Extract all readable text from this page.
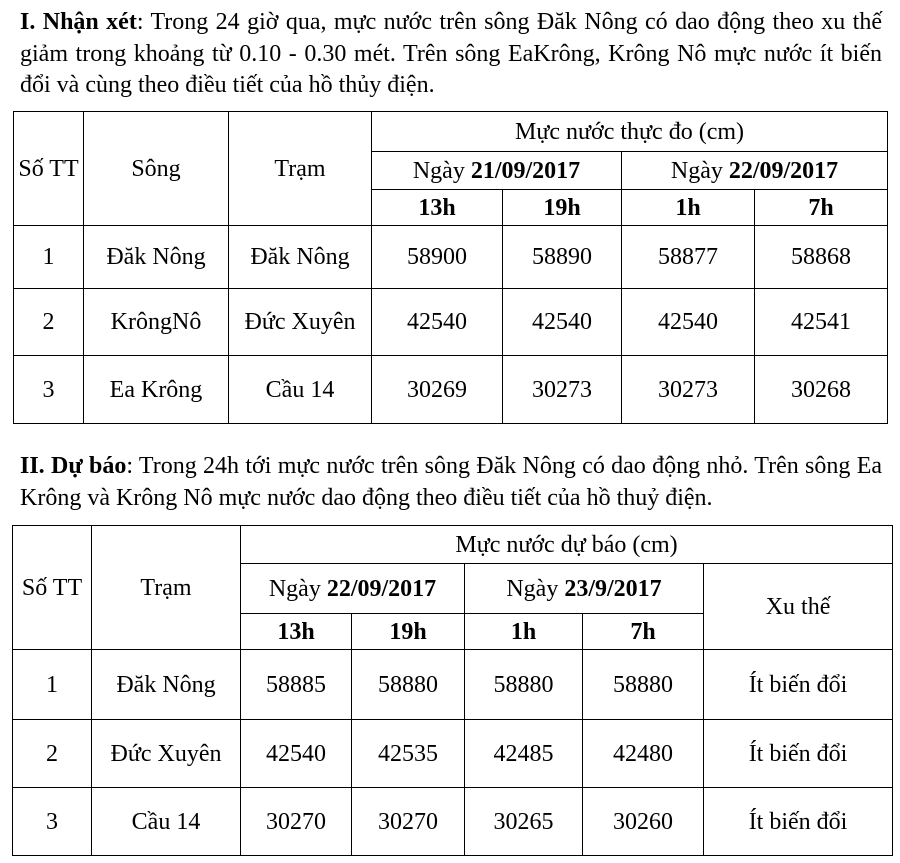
I. Nhận xét: Trong 24 giờ qua, mực nước trên sông Đăk Nông có dao động theo xu thế giảm trong khoảng từ 0.10 - 0.30 mét. Trên sông EaKrông, Krông Nô mực nước ít biến đổi và cùng theo điều tiết của hồ thủy điện.
Số TT	Sông	Trạm	Mực nước thực đo (cm)			
			Ngày 21/09/2017		Ngày 22/09/2017	
			13h	19h	1h	7h
1	Đăk Nông	Đăk Nông	58900	58890	58877	58868
2	KrôngNô	Đức Xuyên	42540	42540	42540	42541
3	Ea Krông	Cầu 14	30269	30273	30273	30268
II. Dự báo: Trong 24h tới mực nước trên sông Đăk Nông có dao động nhỏ. Trên sông Ea Krông và Krông Nô mực nước dao động theo điều tiết của hồ thuỷ điện.
Số TT	Trạm	Mực nước dự báo (cm)				
		Ngày 22/09/2017		Ngày 23/9/2017		Xu thế
		13h	19h	1h	7h	
1	Đăk Nông	58885	58880	58880	58880	Ít biến đổi
2	Đức Xuyên	42540	42535	42485	42480	Ít biến đổi
3	Cầu 14	30270	30270	30265	30260	Ít biến đổi
